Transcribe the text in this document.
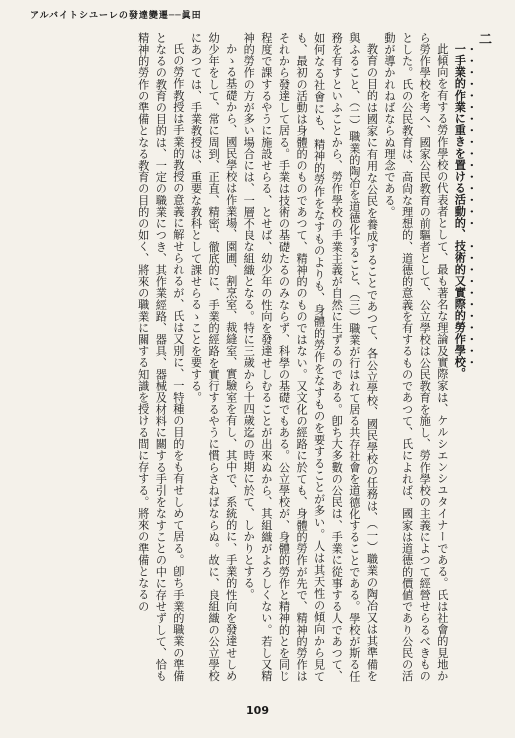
アルバイトシユーレの發達變遷──眞田
二

一手業的作業に重きを置ける活動的、技術的又實際的勞作學校。

此傾向を有する勞作學校の代表者として、最も著名な理論及實際家は、ケルシエンシユタイナーである。氏は社會的見地から勞作學校を考へ、國家公民教育の前驅者として、公立學校は公民教育を施し、勞作學校の主義によつて經營せらるべきものとした。氏の公民教育は、高尙な理想的、道德的意義を有するものであつて、氏によれば、國家は道德的價値であり公民の活動が導かれねばならぬ理念である。

教育の目的は國家に有用な公民を養成することであつて、各公立學校、國民學校の任務は、（一）職業の陶冶又は其準備を與ふること、（二）職業的陶冶を道德化すること、（三）職業が行はれて居る共存社會を道德化することである。學校が斯る任務を有すといふことから、勞作學校の手業主義が自然に生ずるのである。卽ち大多數の公民は、手業に從事する人であつて、如何なる社會にも、精神的勞作をなすものよりも、身體的勞作をなすものを要することが多い。人は其天性の傾向から見ても、最初の活動は身體的のものであつて、精神的のものではない。又文化の經路に於ても、身體的勞作が先で、精神的勞作はそれから發達して居る。手業は技術の基礎たるのみならず、科學の基礎でもある。公立學校が、身體的勞作と精神的とを同じ程度で課するやうに施設せらる、とせば、幼少年の性向を發達せしむることが出來ぬから、其組織がよろしくない。若し又精神的勞作の方が多い場合には、一層不良な組織となる。特に三歲から十四歲迄の時期に於て、しかりとする。

かゝる基礎から、國民學校は作業場、園圃、割烹室、裁縫室、實驗室を有し、其中で、系統的に、手業的性向を發達せしめ幼少年をして、常に周到、正直、精密、徹底的に、手業的經路を實行するやうに慣らさねばならぬ。故に、良組織の公立學校にあつては、手業教授は、重要な教科として課せらるゝことを要する。

氏の勞作教授は手業的教授の意義に解せられるが、氏は又別に、一特種の目的をも有せしめて居る。卽ち手業的職業の準備となるの教育の目的は、一定の職業につき、其作業經路、器具、器械及材料に關する手引をなすことの中に存せずして、恰も精神的勞作の準備となる教育の目的の如く、將來の職業に關する知識を授ける間に存する。將來の準備となるの

109
